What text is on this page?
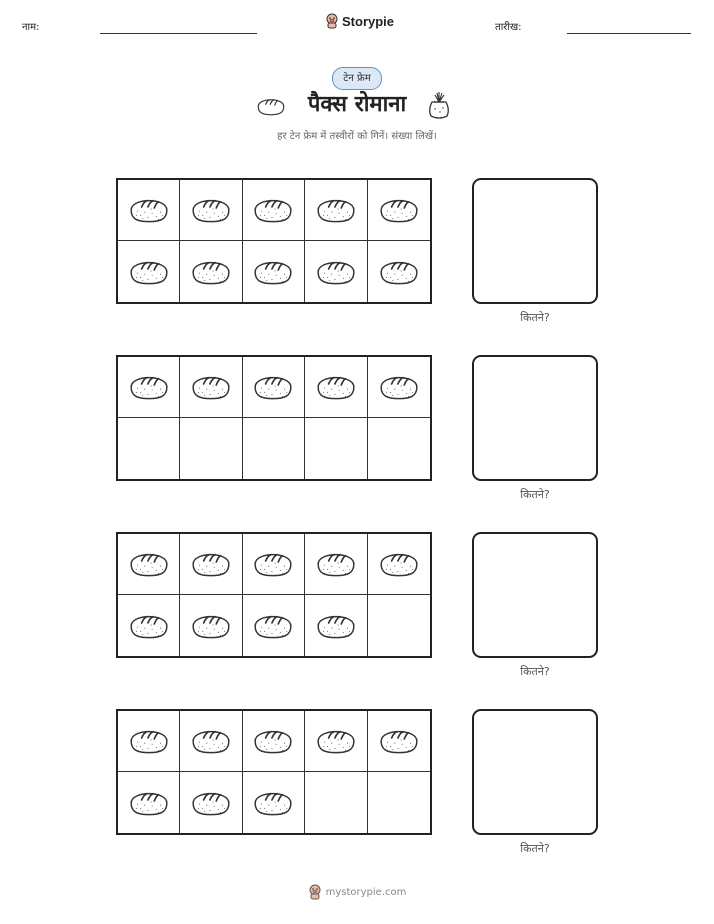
नाम:	Storypie	तारीख:
टेन फ्रेम
पैक्स रोमाना
हर टेन फ्रेम में तस्वीरों को गिनें। संख्या लिखें।
कितने?
कितने?
कितने?
कितने?
mystorypie.com
